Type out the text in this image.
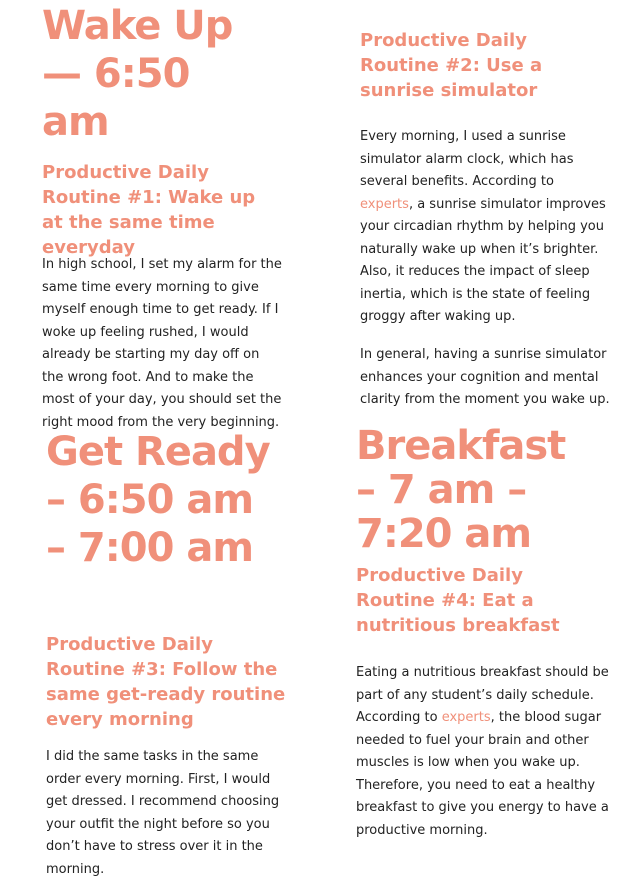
Wake Up — 6:50 am
Productive Daily Routine #1: Wake up at the same time everyday

In high school, I set my alarm for the same time every morning to give myself enough time to get ready. If I woke up feeling rushed, I would already be starting my day off on the wrong foot. And to make the most of your day, you should set the right mood from the very beginning.

Get Ready – 6:50 am – 7:00 am
Productive Daily Routine #3: Follow the same get-ready routine every morning

I did the same tasks in the same order every morning. First, I would get dressed. I recommend choosing your outfit the night before so you don’t have to stress over it in the morning.

Productive Daily Routine #2: Use a sunrise simulator

Every morning, I used a sunrise simulator alarm clock, which has several benefits. According to experts, a sunrise simulator improves your circadian rhythm by helping you naturally wake up when it’s brighter. Also, it reduces the impact of sleep inertia, which is the state of feeling groggy after waking up.

In general, having a sunrise simulator enhances your cognition and mental clarity from the moment you wake up.

Breakfast – 7 am – 7:20 am
Productive Daily Routine #4: Eat a nutritious breakfast

Eating a nutritious breakfast should be part of any student’s daily schedule. According to experts, the blood sugar needed to fuel your brain and other muscles is low when you wake up. Therefore, you need to eat a healthy breakfast to give you energy to have a productive morning.
